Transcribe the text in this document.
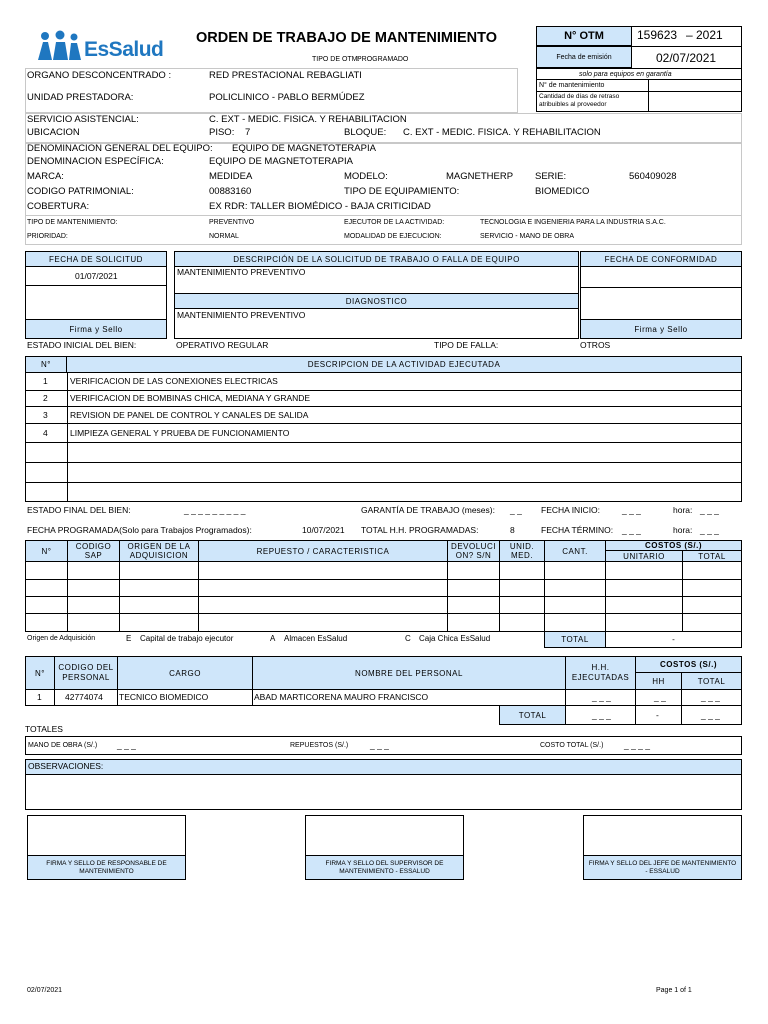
EsSalud ORDEN DE TRABAJO DE MANTENIMIENTO
TIPO DE OTM:
PROGRAMADO
N° OTM	159623 – 2021
Fecha de emisión	02/07/2021
solo para equipos en garantía
N° de mantenimiento
Cantidad de días de retraso atribuibles al proveedor
ORGANO DESCONCENTRADO :	RED PRESTACIONAL REBAGLIATI
UNIDAD PRESTADORA:	POLICLINICO - PABLO BERMÚDEZ
SERVICIO ASISTENCIAL:	C. EXT - MEDIC. FISICA. Y REHABILITACION
UBICACION	PISO: 7	BLOQUE: C. EXT - MEDIC. FISICA. Y REHABILITACION
DENOMINACION GENERAL DEL EQUIPO: EQUIPO DE MAGNETOTERAPIA
DENOMINACION ESPECÍFICA:	EQUIPO DE MAGNETOTERAPIA
MARCA:	MEDIDEA	MODELO:	MAGNETHERP SERIE:	560409028
CODIGO PATRIMONIAL:	00883160	TIPO DE EQUIPAMIENTO:	BIOMEDICO
COBERTURA:	EX RDR: TALLER BIOMÉDICO - BAJA CRITICIDAD
TIPO DE MANTENIMIENTO:	PREVENTIVO	EJECUTOR DE LA ACTIVIDAD:	TECNOLOGIA E INGENIERIA PARA LA INDUSTRIA S.A.C.
PRIORIDAD:	NORMAL	MODALIDAD DE EJECUCION:	SERVICIO - MANO DE OBRA
FECHA DE SOLICITUD
01/07/2021
Firma y Sello
DESCRIPCIÓN DE LA SOLICITUD DE TRABAJO O FALLA DE EQUIPO
MANTENIMIENTO PREVENTIVO
DIAGNOSTICO
MANTENIMIENTO PREVENTIVO
FECHA DE CONFORMIDAD
Firma y Sello
ESTADO INICIAL DEL BIEN:	OPERATIVO REGULAR	TIPO DE FALLA:	OTROS
N°	DESCRIPCION DE LA ACTIVIDAD EJECUTADA
1	VERIFICACION DE LAS CONEXIONES ELECTRICAS
2	VERIFICACION DE BOMBINAS CHICA, MEDIANA Y GRANDE
3	REVISION DE PANEL DE CONTROL Y CANALES DE SALIDA
4	LIMPIEZA GENERAL Y PRUEBA DE FUNCIONAMIENTO
ESTADO FINAL DEL BIEN:	_ _ _ _ _ _ _ _ _	GARANTÍA DE TRABAJO (meses): _ _ FECHA INICIO:	_ _ _	hora: _ _ _
FECHA PROGRAMADA(Solo para Trabajos Programados):	10/07/2021 TOTAL H.H. PROGRAMADAS:	8	FECHA TÉRMINO: _ _ _	hora: _ _ _
N°	CODIGO SAP
ORIGEN DE LA ADQUISICION	REPUESTO / CARACTERISTICA	DEVOLUCI ON? S/N
UNID. MED.	CANT.
COSTOS (S/.)
UNITARIO	TOTAL
Origen de Adquisición	E Capital de trabajo ejecutor	A Almacen EsSalud	C Caja Chica EsSalud	TOTAL	-
N°
CODIGO DEL PERSONAL	CARGO	NOMBRE DEL PERSONAL
H.H. EJECUTADAS
COSTOS (S/.)
HH	TOTAL
1	42774074 TECNICO BIOMEDICO	ABAD MARTICORENA MAURO FRANCISCO	_ _ _	_ _	_ _ _
TOTAL	_ _ _	-	_ _ _
TOTALES
MANO DE OBRA (S/.) _ _ _	REPUESTOS (S/.)	_ _ _	COSTO TOTAL (S/.) _ _ _ _
OBSERVACIONES:
FIRMA Y SELLO DE RESPONSABLE DE MANTENIMIENTO
FIRMA Y SELLO DEL SUPERVISOR DE MANTENIMIENTO - ESSALUD
FIRMA Y SELLO DEL JEFE DE MANTENIMIENTO - ESSALUD
02/07/2021	Page 1 of 1
